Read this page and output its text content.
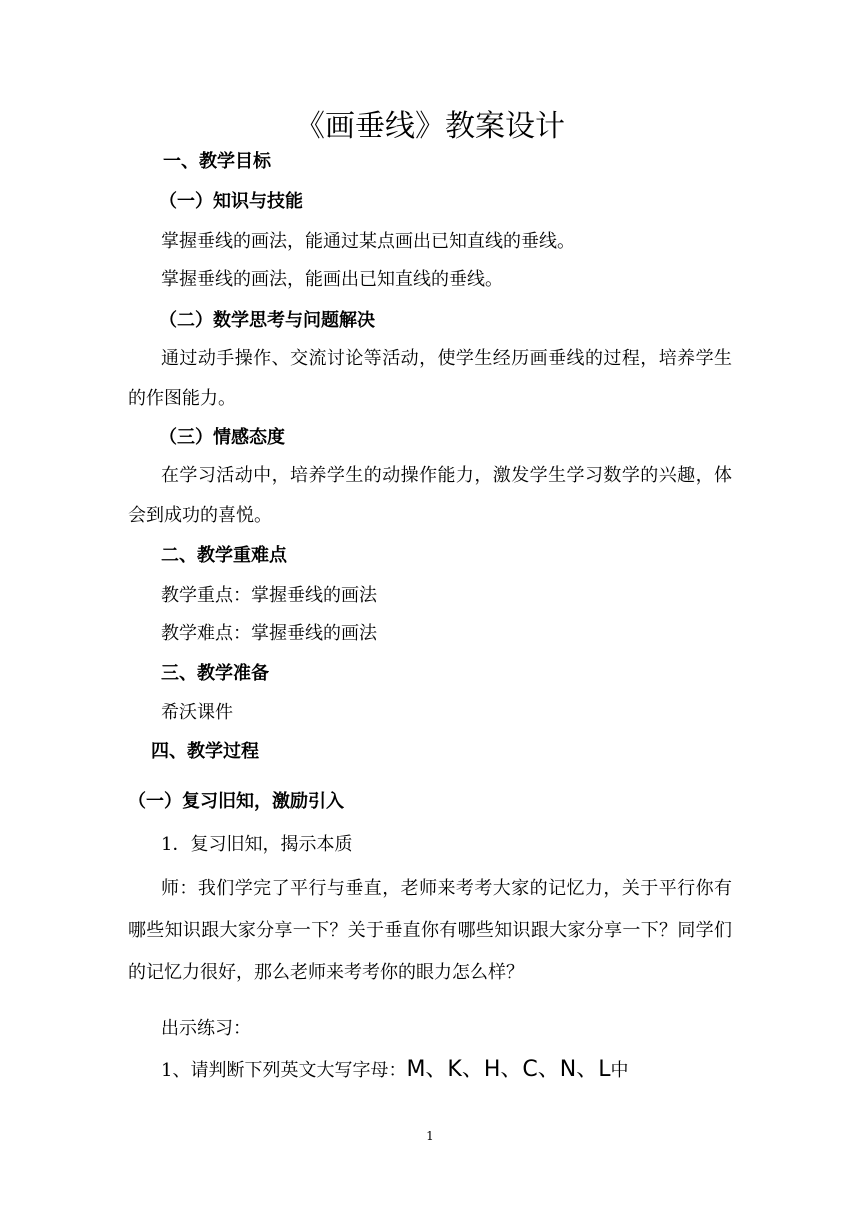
《画垂线》教案设计
一、教学目标
（一）知识与技能
掌握垂线的画法，能通过某点画出已知直线的垂线。
掌握垂线的画法，能画出已知直线的垂线。
（二）数学思考与问题解决
通过动手操作、交流讨论等活动，使学生经历画垂线的过程，培养学生的作图能力。
（三）情感态度
在学习活动中，培养学生的动操作能力，激发学生学习数学的兴趣，体会到成功的喜悦。
二、教学重难点
教学重点：掌握垂线的画法
教学难点：掌握垂线的画法
三、教学准备
希沃课件
四、教学过程
（一）复习旧知，激励引入
1．复习旧知，揭示本质
师：我们学完了平行与垂直，老师来考考大家的记忆力，关于平行你有哪些知识跟大家分享一下？关于垂直你有哪些知识跟大家分享一下？同学们的记忆力很好，那么老师来考考你的眼力怎么样？
出示练习：
1、请判断下列英文大写字母：M、K、H、C、N、L中
1
